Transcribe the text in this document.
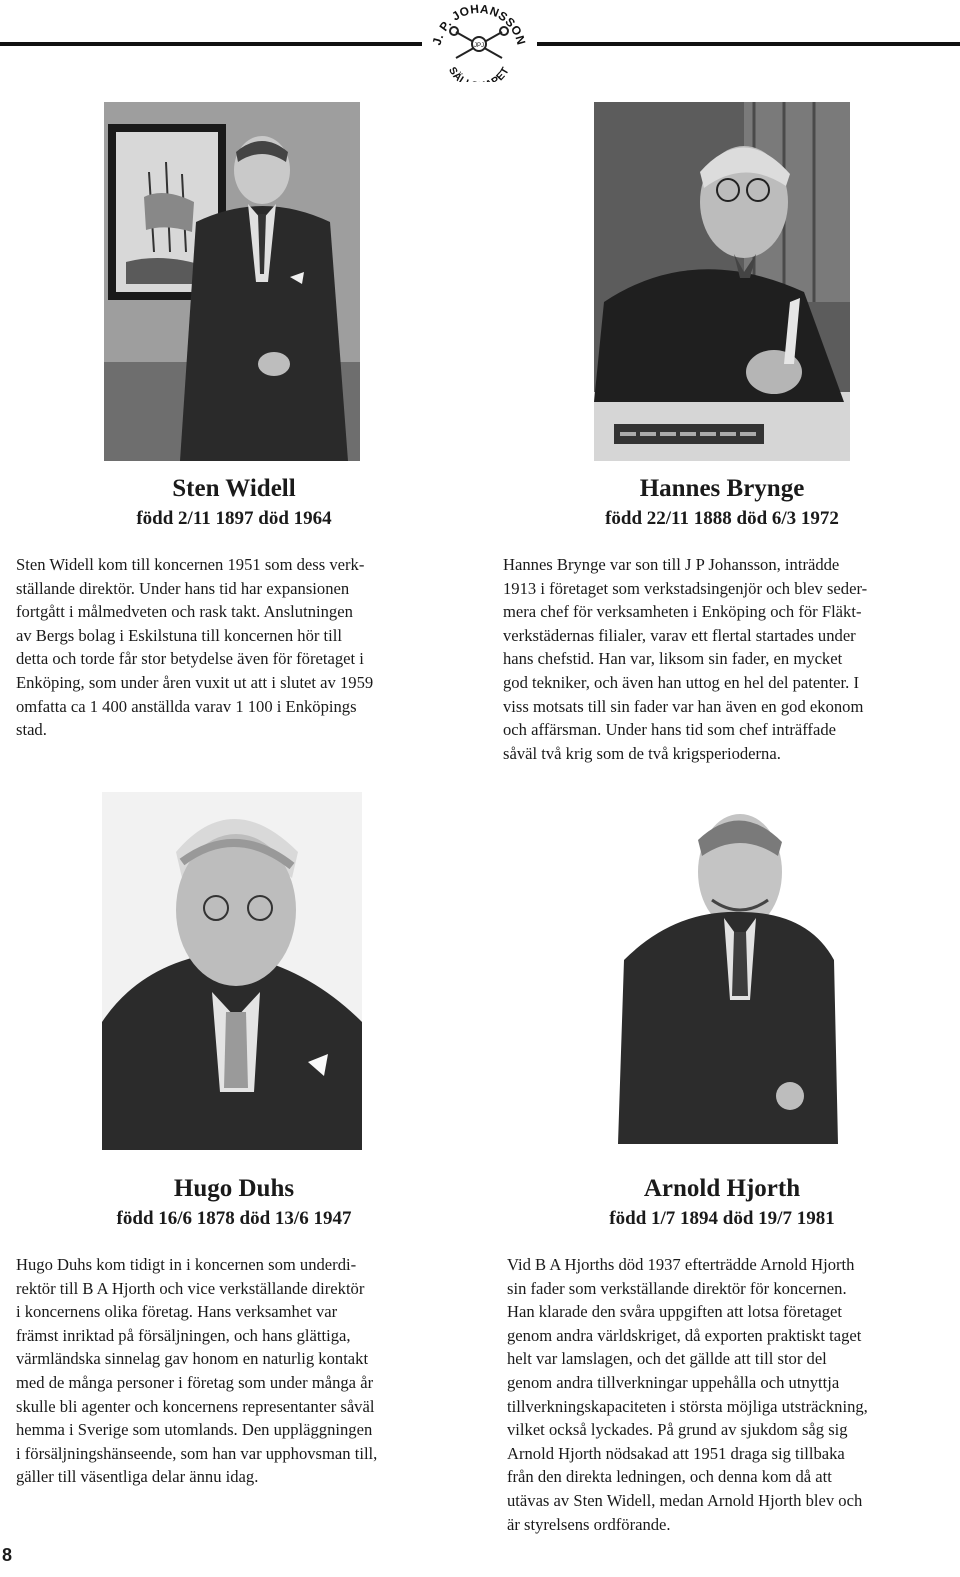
J. P. JOHANSSON
SÄL PET
JPJ
Sten Widell
född 2/11 1897 död 1964
Hannes Brynge
född 22/11 1888 död 6/3 1972
Hugo Duhs
född 16/6 1878 död 13/6 1947
Arnold Hjorth
född 1/7 1894 död 19/7 1981
Sten Widell kom till koncernen 1951 som dess verk-
ställande direktör. Under hans tid har expansionen
fortgått i målmedveten och rask takt. Anslutningen
av Bergs bolag i Eskilstuna till koncernen hör till
detta och torde får stor betydelse även för företaget i
Enköping, som under åren vuxit ut att i slutet av 1959
omfatta ca 1 400 anställda varav 1 100 i Enköpings
stad.
Hannes Brynge var son till J P Johansson, inträdde
1913 i företaget som verkstadsingenjör och blev seder-
mera chef för verksamheten i Enköping och för Fläkt-
verkstädernas filialer, varav ett flertal startades under
hans chefstid. Han var, liksom sin fader, en mycket
god tekniker, och även han uttog en hel del patenter. I
viss motsats till sin fader var han även en god ekonom
och affärsman. Under hans tid som chef inträffade
såväl två krig som de två krigsperioderna.
Hugo Duhs kom tidigt in i koncernen som underdi-
rektör till B A Hjorth och vice verkställande direktör
i koncernens olika företag. Hans verksamhet var
främst inriktad på försäljningen, och hans glättiga,
värmländska sinnelag gav honom en naturlig kontakt
med de många personer i företag som under många år
skulle bli agenter och koncernens representanter såväl
hemma i Sverige som utomlands. Den uppläggningen
i försäljningshänseende, som han var upphovsman till,
gäller till väsentliga delar ännu idag.
Vid B A Hjorths död 1937 efterträdde Arnold Hjorth
sin fader som verkställande direktör för koncernen.
Han klarade den svåra uppgiften att lotsa företaget
genom andra världskriget, då exporten praktiskt taget
helt var lamslagen, och det gällde att till stor del
genom andra tillverkningar uppehålla och utnyttja
tillverkningskapaciteten i största möjliga utsträckning,
vilket också lyckades. På grund av sjukdom såg sig
Arnold Hjorth nödsakad att 1951 draga sig tillbaka
från den direkta ledningen, och denna kom då att
utävas av Sten Widell, medan Arnold Hjorth blev och
är styrelsens ordförande.
8
